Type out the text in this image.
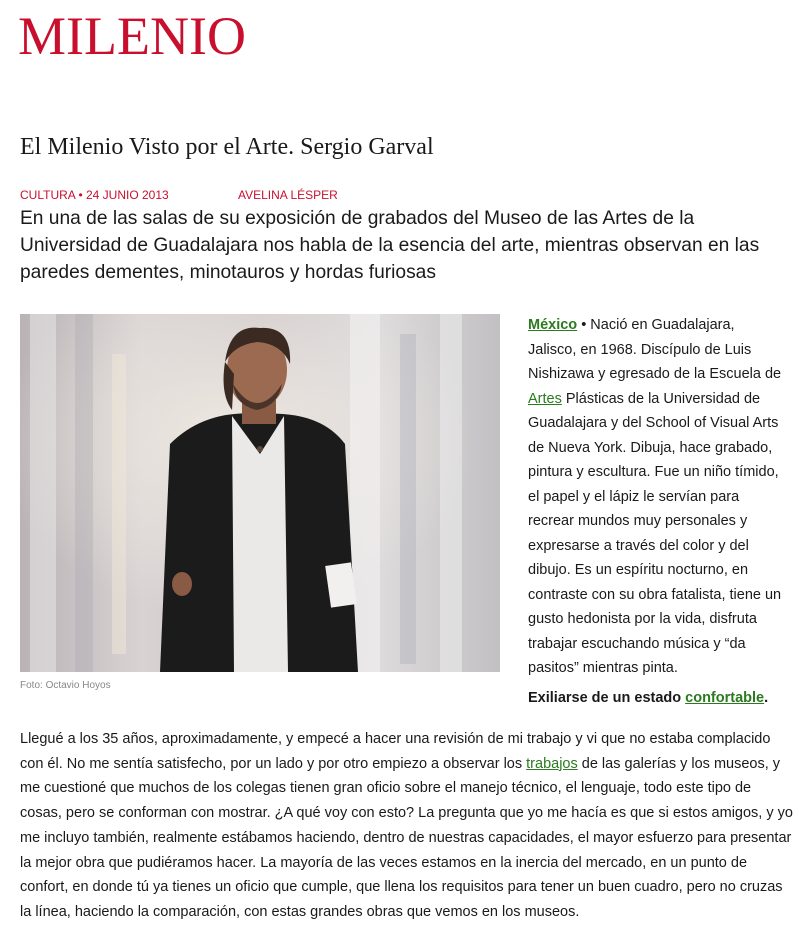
MILENIO
El Milenio Visto por el Arte. Sergio Garval
CULTURA • 24 JUNIO 2013	AVELINA LÉSPER
En una de las salas de su exposición de grabados del Museo de las Artes de la Universidad de Guadalajara nos habla de la esencia del arte, mientras observan en las paredes dementes, minotauros y hordas furiosas
Foto: Octavio Hoyos
México • Nació en Guadalajara, Jalisco, en 1968. Discípulo de Luis Nishizawa y egresado de la Escuela de Artes Plásticas de la Universidad de Guadalajara y del School of Visual Arts de Nueva York. Dibuja, hace grabado, pintura y escultura. Fue un niño tímido, el papel y el lápiz le servían para recrear mundos muy personales y expresarse a través del color y del dibujo. Es un espíritu nocturno, en contraste con su obra fatalista, tiene un gusto hedonista por la vida, disfruta trabajar escuchando música y “da pasitos” mientras pinta.
Exiliarse de un estado confortable.
Llegué a los 35 años, aproximadamente, y empecé a hacer una revisión de mi trabajo y vi que no estaba complacido con él. No me sentía satisfecho, por un lado y por otro empiezo a observar los trabajos de las galerías y los museos, y me cuestioné que muchos de los colegas tienen gran oficio sobre el manejo técnico, el lenguaje, todo este tipo de cosas, pero se conforman con mostrar. ¿A qué voy con esto? La pregunta que yo me hacía es que si estos amigos, y yo me incluyo también, realmente estábamos haciendo, dentro de nuestras capacidades, el mayor esfuerzo para presentar la mejor obra que pudiéramos hacer. La mayoría de las veces estamos en la inercia del mercado, en un punto de confort, en donde tú ya tienes un oficio que cumple, que llena los requisitos para tener un buen cuadro, pero no cruzas la línea, haciendo la comparación, con estas grandes obras que vemos en los museos.
